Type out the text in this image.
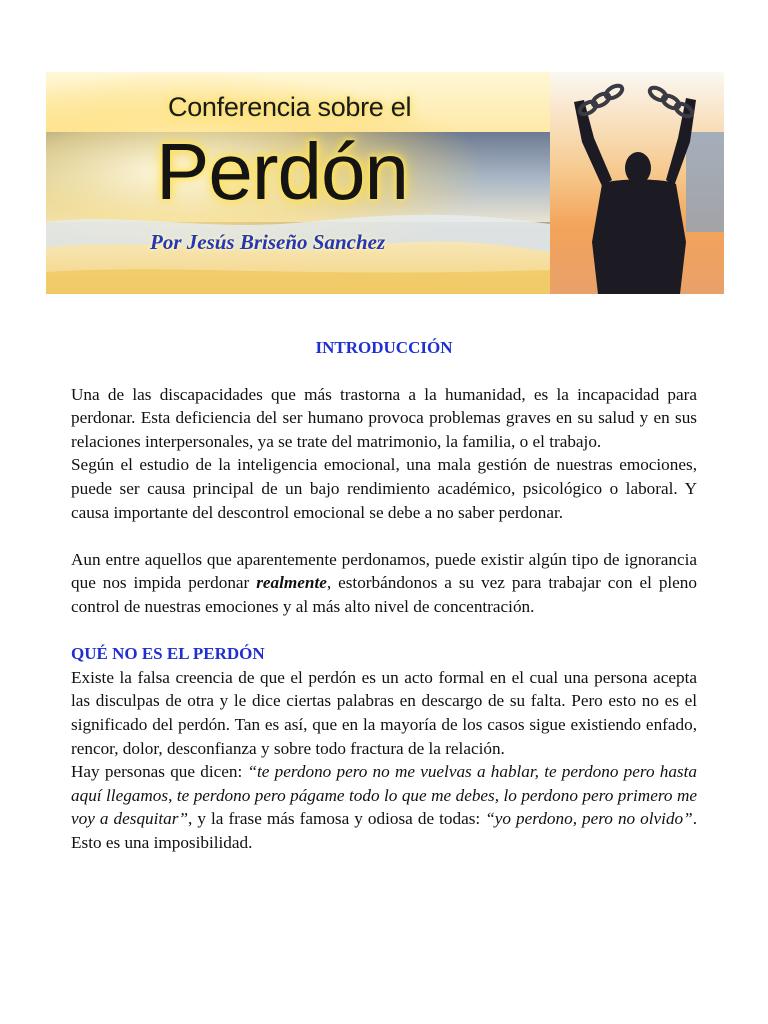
Conferencia sobre el
Perdón
Por Jesús Briseño Sanchez
INTRODUCCIÓN

Una de las discapacidades que más trastorna a la humanidad, es la incapacidad para perdonar. Esta deficiencia del ser humano provoca problemas graves en su salud y en sus relaciones interpersonales, ya se trate del matrimonio, la familia, o el trabajo.

Según el estudio de la inteligencia emocional, una mala gestión de nuestras emociones, puede ser causa principal de un bajo rendimiento académico, psicológico o laboral. Y causa importante del descontrol emocional se debe a no saber perdonar.

Aun entre aquellos que aparentemente perdonamos, puede existir algún tipo de ignorancia que nos impida perdonar realmente, estorbándonos a su vez para trabajar con el pleno control de nuestras emociones y al más alto nivel de concentración.

QUÉ NO ES EL PERDÓN

Existe la falsa creencia de que el perdón es un acto formal en el cual una persona acepta las disculpas de otra y le dice ciertas palabras en descargo de su falta. Pero esto no es el significado del perdón. Tan es así, que en la mayoría de los casos sigue existiendo enfado, rencor, dolor, desconfianza y sobre todo fractura de la relación.

Hay personas que dicen: “te perdono pero no me vuelvas a hablar, te perdono pero hasta aquí llegamos, te perdono pero págame todo lo que me debes, lo perdono pero primero me voy a desquitar”, y la frase más famosa y odiosa de todas: “yo perdono, pero no olvido”. Esto es una imposibilidad.
